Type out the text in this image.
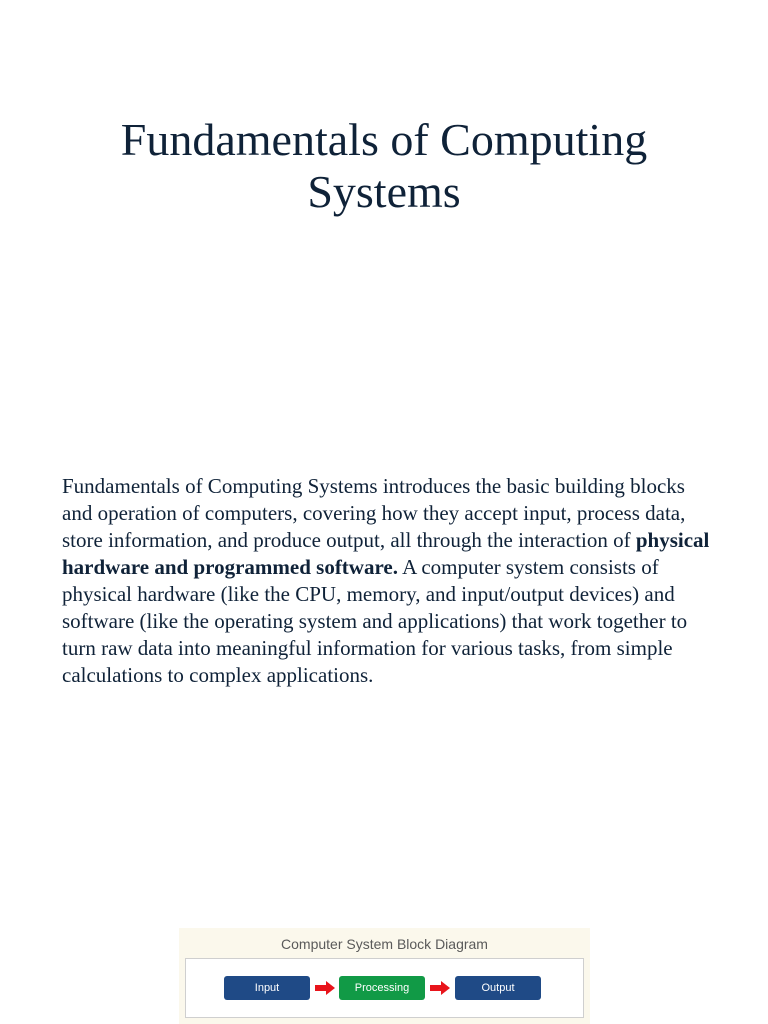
Fundamentals of Computing
Systems

Fundamentals of Computing Systems introduces the basic building blocks and operation of computers, covering how they accept input, process data, store information, and produce output, all through the interaction of physical hardware and programmed software. A computer system consists of physical hardware (like the CPU, memory, and input/output devices) and software (like the operating system and applications) that work together to turn raw data into meaningful information for various tasks, from simple calculations to complex applications.

Computer System Block Diagram
Input	Processing	Output
